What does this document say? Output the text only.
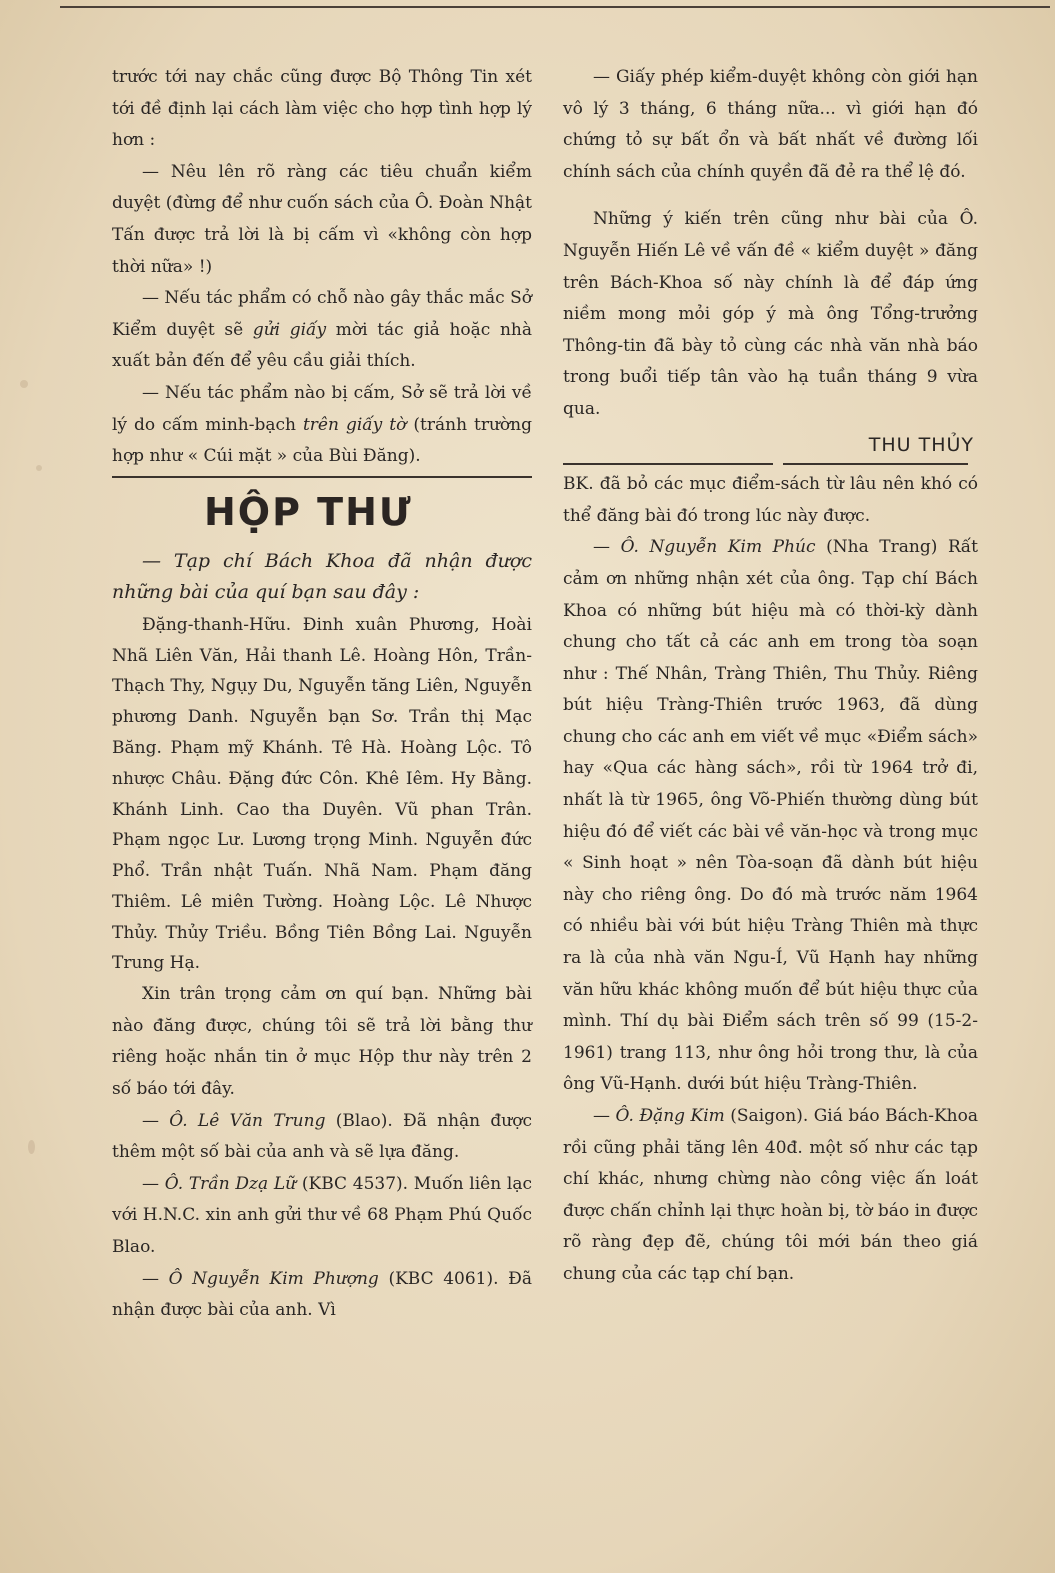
trước tới nay chắc cũng được Bộ Thông Tin xét tới đề định lại cách làm việc cho hợp tình hợp lý hơn :

— Nêu lên rõ ràng các tiêu chuẩn kiểm duyệt (đừng để như cuốn sách của Ô. Đoàn Nhật Tấn được trả lời là bị cấm vì «không còn hợp thời nữa» !)

— Nếu tác phẩm có chỗ nào gây thắc mắc Sở Kiểm duyệt sẽ gửi giấy mời tác giả hoặc nhà xuất bản đến để yêu cầu giải thích.

— Nếu tác phẩm nào bị cấm, Sở sẽ trả lời về lý do cấm minh-bạch trên giấy tờ (tránh trường hợp như « Cúi mặt » của Bùi Đăng).

HỘP THƯ

— Tạp chí Bách Khoa đã nhận được những bài của quí bạn sau đây :

Đặng-thanh-Hữu. Đinh xuân Phương, Hoài Nhã Liên Văn, Hải thanh Lê. Hoàng Hôn, Trần-Thạch Thy, Ngụy Du, Nguyễn tăng Liên, Nguyễn phương Danh. Nguyễn bạn Sơ. Trần thị Mạc Băng. Phạm mỹ Khánh. Tê Hà. Hoàng Lộc. Tô nhược Châu. Đặng đức Côn. Khê Iêm. Hy Bằng. Khánh Linh. Cao tha Duyên. Vũ phan Trân. Phạm ngọc Lư. Lương trọng Minh. Nguyễn đức Phổ. Trần nhật Tuấn. Nhã Nam. Phạm đăng Thiêm. Lê miên Tường. Hoàng Lộc. Lê Nhược Thủy. Thủy Triều. Bồng Tiên Bồng Lai. Nguyễn Trung Hạ.

Xin trân trọng cảm ơn quí bạn. Những bài nào đăng được, chúng tôi sẽ trả lời bằng thư riêng hoặc nhắn tin ở mục Hộp thư này trên 2 số báo tới đây.

— Ô. Lê Văn Trung (Blao). Đã nhận được thêm một số bài của anh và sẽ lựa đăng.

— Ô. Trần Dzạ Lữ (KBC 4537). Muốn liên lạc với H.N.C. xin anh gửi thư về 68 Phạm Phú Quốc Blao.

— Ô Nguyễn Kim Phượng (KBC 4061). Đã nhận được bài của anh. Vì

— Giấy phép kiểm-duyệt không còn giới hạn vô lý 3 tháng, 6 tháng nữa... vì giới hạn đó chứng tỏ sự bất ổn và bất nhất về đường lối chính sách của chính quyền đã đẻ ra thể lệ đó.

Những ý kiến trên cũng như bài của Ô. Nguyễn Hiến Lê về vấn đề « kiểm duyệt » đăng trên Bách-Khoa số này chính là để đáp ứng niềm mong mỏi góp ý mà ông Tổng-trưởng Thông-tin đã bày tỏ cùng các nhà văn nhà báo trong buổi tiếp tân vào hạ tuần tháng 9 vừa qua.

THU THỦY

BK. đã bỏ các mục điểm-sách từ lâu nên khó có thể đăng bài đó trong lúc này được.

— Ô. Nguyễn Kim Phúc (Nha Trang) Rất cảm ơn những nhận xét của ông. Tạp chí Bách Khoa có những bút hiệu mà có thời-kỳ dành chung cho tất cả các anh em trong tòa soạn như : Thế Nhân, Tràng Thiên, Thu Thủy. Riêng bút hiệu Tràng-Thiên trước 1963, đã dùng chung cho các anh em viết về mục «Điểm sách» hay «Qua các hàng sách», rồi từ 1964 trở đi, nhất là từ 1965, ông Võ-Phiến thường dùng bút hiệu đó để viết các bài về văn-học và trong mục « Sinh hoạt » nên Tòa-soạn đã dành bút hiệu này cho riêng ông. Do đó mà trước năm 1964 có nhiều bài với bút hiệu Tràng Thiên mà thực ra là của nhà văn Ngu-Í, Vũ Hạnh hay những văn hữu khác không muốn để bút hiệu thực của mình. Thí dụ bài Điểm sách trên số 99 (15-2-1961) trang 113, như ông hỏi trong thư, là của ông Vũ-Hạnh. dưới bút hiệu Tràng-Thiên.

— Ô. Đặng Kim (Saigon). Giá báo Bách-Khoa rồi cũng phải tăng lên 40đ. một số như các tạp chí khác, nhưng chừng nào công việc ấn loát được chấn chỉnh lại thực hoàn bị, tờ báo in được rõ ràng đẹp đẽ, chúng tôi mới bán theo giá chung của các tạp chí bạn.
